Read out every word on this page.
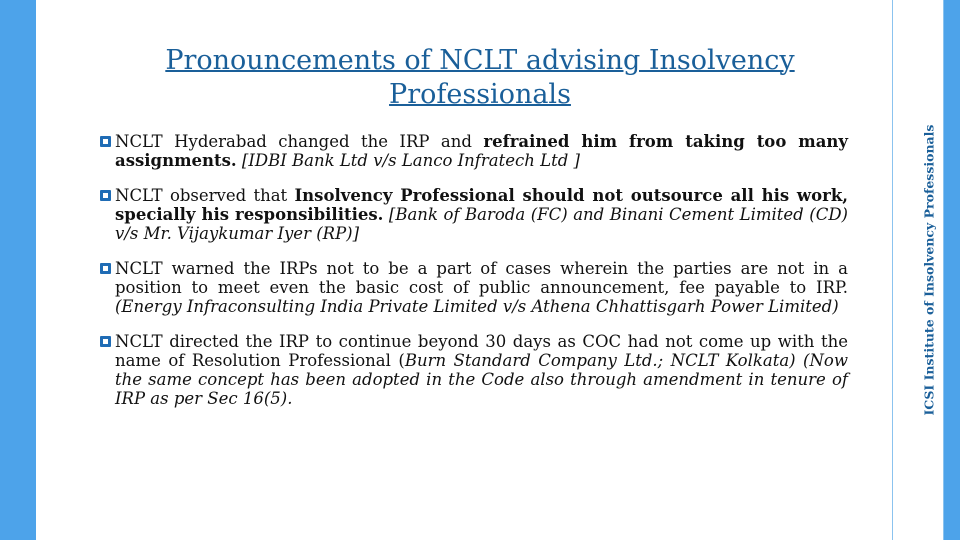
ICSI Institute of Insolvency Professionals
Pronouncements of NCLT advising Insolvency
Professionals
NCLT Hyderabad changed the IRP and refrained him from taking too many assignments. [IDBI Bank Ltd v/s Lanco Infratech Ltd ]
NCLT observed that Insolvency Professional should not outsource all his work, specially his responsibilities. [Bank of Baroda (FC) and Binani Cement Limited (CD) v/s Mr. Vijaykumar Iyer (RP)]
NCLT warned the IRPs not to be a part of cases wherein the parties are not in a position to meet even the basic cost of public announcement, fee payable to IRP. (Energy Infraconsulting India Private Limited v/s Athena Chhattisgarh Power Limited)
NCLT directed the IRP to continue beyond 30 days as COC had not come up with the name of Resolution Professional (Burn Standard Company Ltd.; NCLT Kolkata) (Now the same concept has been adopted in the Code also through amendment in tenure of IRP as per Sec 16(5).
